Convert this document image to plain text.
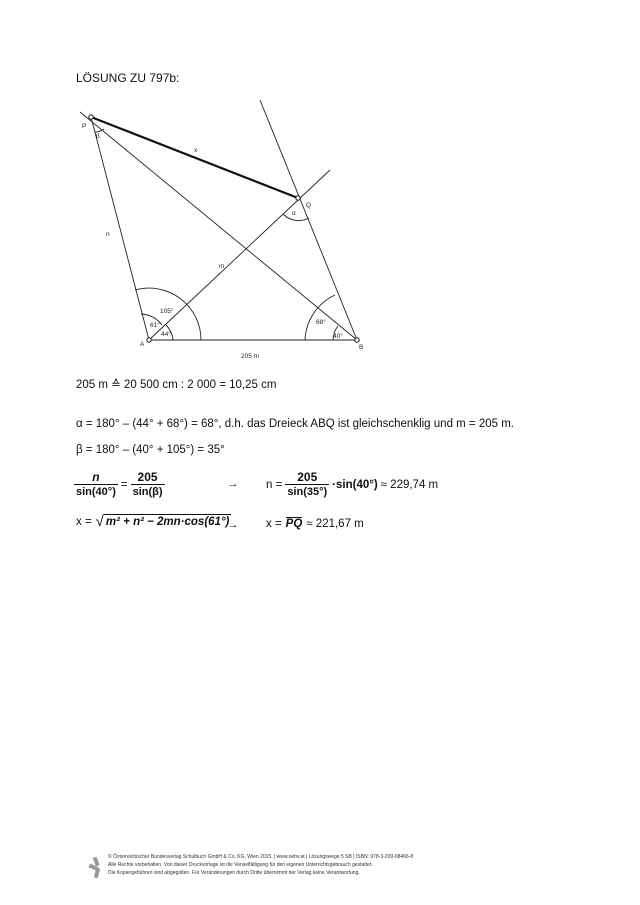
LÖSUNG ZU 797b:
P
Q
A	B
x
n
m
β
α
105°
61°
44°
68°
40°
205 m
205 m ≙ 20 500 cm : 2 000 = 10,25 cm
α = 180° – (44° + 68°) = 68°, d.h. das Dreieck ABQ ist gleichschenklig und m = 205 m.
β = 180° – (40° + 105°) = 35°
$\frac{n}{\sin(40^\circ)} = \frac{205}{\sin(\beta)}$	→ $n = \frac{205}{\sin(35^\circ)} \cdot\sin(40^\circ) \approx 229,74$ m
x = √ m² + n² − 2mn·cos(61°)
→ x = PQ ≈ 221,67 m
© Österreichischer Bundesverlag Schulbuch GmbH & Co. KG, Wien 2015. | www.oebv.at | Lösungswege 5 SB | ISBN: 978-3-209-08466-8
Alle Rechte vorbehalten. Von dieser Druckvorlage ist die Vervielfältigung für den eigenen Unterrichtsgebrauch gestattet.
Die Kopiergebühren sind abgegolten. Für Veränderungen durch Dritte übernimmt der Verlag keine Verantwortung.
